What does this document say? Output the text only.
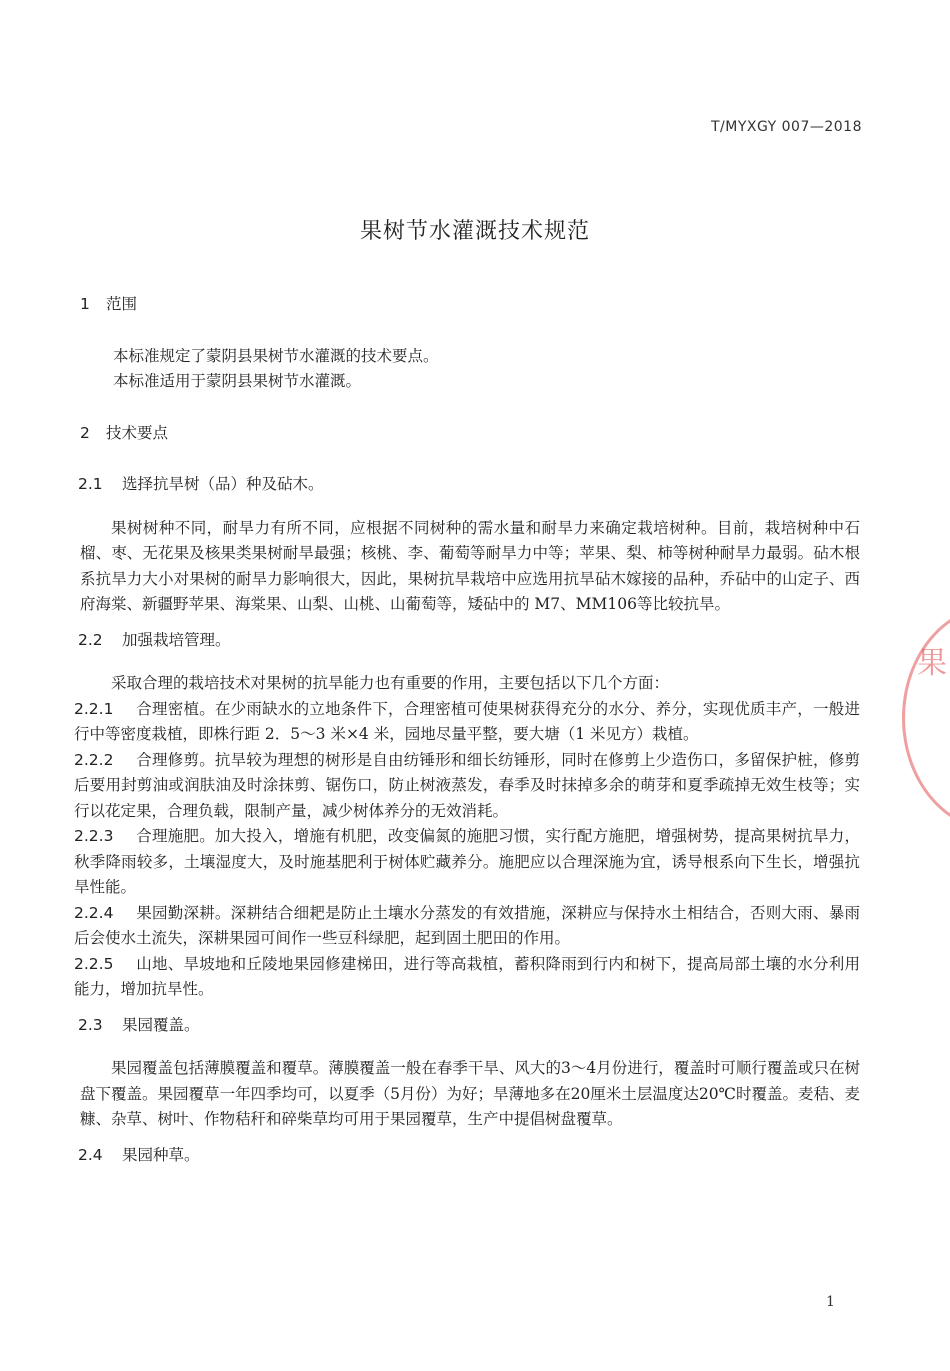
T/MYXGY 007—2018
果树节水灌溉技术规范
1 范围

本标准规定了蒙阴县果树节水灌溉的技术要点。

本标准适用于蒙阴县果树节水灌溉。

2 技术要点
2.1 选择抗旱树（品）种及砧木。

果树树种不同，耐旱力有所不同，应根据不同树种的需水量和耐旱力来确定栽培树种。目前，栽培树种中石榴、枣、无花果及核果类果树耐旱最强；核桃、李、葡萄等耐旱力中等；苹果、梨、柿等树种耐旱力最弱。砧木根系抗旱力大小对果树的耐旱力影响很大，因此，果树抗旱栽培中应选用抗旱砧木嫁接的品种，乔砧中的山定子、西府海棠、新疆野苹果、海棠果、山梨、山桃、山葡萄等，矮砧中的 M7、MM106等比较抗旱。

2.2 加强栽培管理。

采取合理的栽培技术对果树的抗旱能力也有重要的作用，主要包括以下几个方面：

2.2.1 合理密植。在少雨缺水的立地条件下，合理密植可使果树获得充分的水分、养分，实现优质丰产，一般进行中等密度栽植，即株行距 2．5～3 米×4 米，园地尽量平整，要大塘（1 米见方）栽植。

2.2.2 合理修剪。抗旱较为理想的树形是自由纺锤形和细长纺锤形，同时在修剪上少造伤口，多留保护桩，修剪后要用封剪油或润肤油及时涂抹剪、锯伤口，防止树液蒸发，春季及时抹掉多余的萌芽和夏季疏掉无效生枝等；实行以花定果，合理负载，限制产量，减少树体养分的无效消耗。

2.2.3 合理施肥。加大投入，增施有机肥，改变偏氮的施肥习惯，实行配方施肥，增强树势，提高果树抗旱力，秋季降雨较多，土壤湿度大，及时施基肥利于树体贮藏养分。施肥应以合理深施为宜，诱导根系向下生长，增强抗旱性能。

2.2.4 果园勤深耕。深耕结合细耙是防止土壤水分蒸发的有效措施，深耕应与保持水土相结合，否则大雨、暴雨后会使水土流失，深耕果园可间作一些豆科绿肥，起到固土肥田的作用。

2.2.5 山地、旱坡地和丘陵地果园修建梯田，进行等高栽植，蓄积降雨到行内和树下，提高局部土壤的水分利用能力，增加抗旱性。

2.3 果园覆盖。

果园覆盖包括薄膜覆盖和覆草。薄膜覆盖一般在春季干旱、风大的3～4月份进行，覆盖时可顺行覆盖或只在树盘下覆盖。果园覆草一年四季均可，以夏季（5月份）为好；旱薄地多在20厘米土层温度达20℃时覆盖。麦秸、麦糠、杂草、树叶、作物秸秆和碎柴草均可用于果园覆草，生产中提倡树盘覆草。

2.4 果园种草。
果
1
